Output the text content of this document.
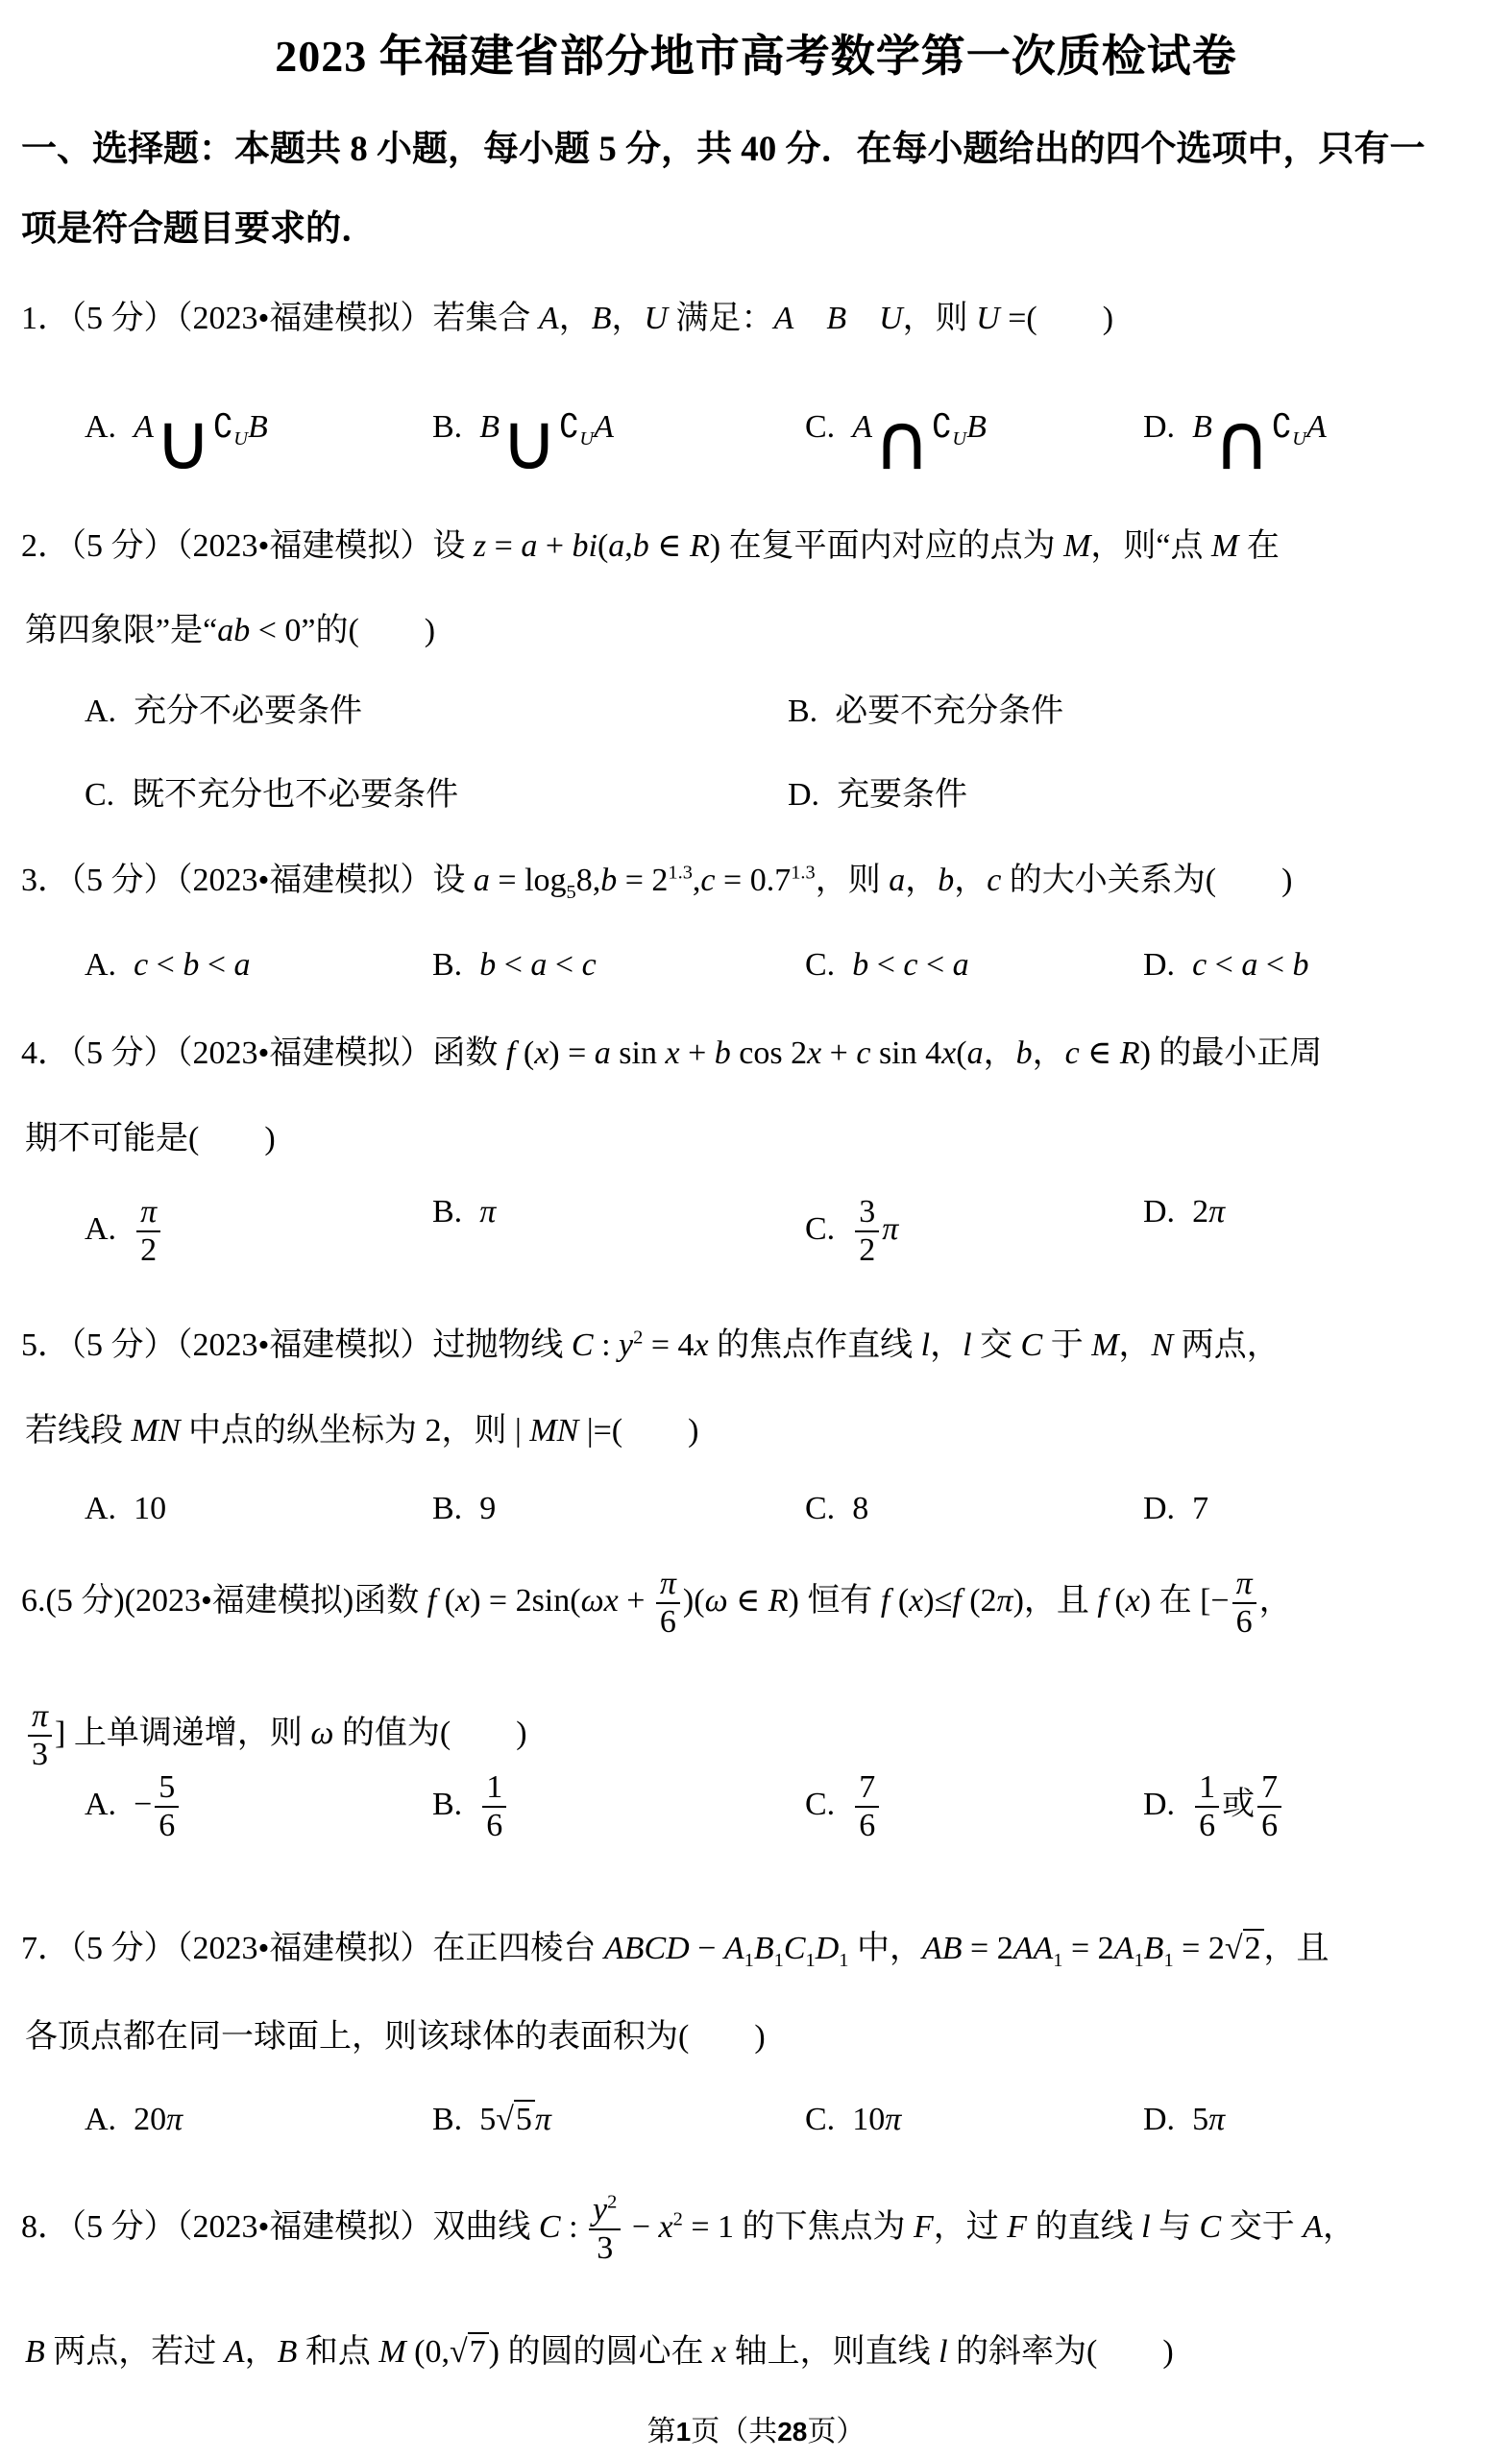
2023 年福建省部分地市高考数学第一次质检试卷
一、选择题：本题共 8 小题，每小题 5 分，共 40 分．在每小题给出的四个选项中，只有一
项是符合题目要求的．
1．（5 分）（2023•福建模拟）若集合 A，B，U 满足：A　 B　 U，则 U =(　　)
A. $A\cup∁_UB$	B. $B\cup∁_UA$	C. $A\cap∁_UB$	D. $B\cap∁_UA$
2．（5 分）（2023•福建模拟）设 z = a + bi(a,b ∈ R) 在复平面内对应的点为 M，则“点 M 在
第四象限”是“ab < 0”的(　　)
A. 充分不必要条件	B. 必要不充分条件
C. 既不充分也不必要条件	D. 充要条件
3．（5 分）（2023•福建模拟）设 $a = \log_58,b = 2^{1.3},c = 0.7^{1.3}$，则 a，b，c 的大小关系为(　　)
A. c < b < a	B. b < a < c	C. b < c < a	D. c < a < b
4．（5 分）（2023•福建模拟）函数 f (x) = a sin x + b cos 2x + c sin 4x(a，b，c ∈ R) 的最小正周
期不可能是(　　)
A. $\frac{\pi}{2}$	B. π	C. $\frac{3}{2}$ π	D. 2π
5．（5 分）（2023•福建模拟）过抛物线 C : $y^2 = 4x$ 的焦点作直线 l，l 交 C 于 M，N 两点，
若线段 MN 中点的纵坐标为 2，则 | MN |=(　　)
A. 10	B. 9	C. 8	D. 7
6.(5 分)(2023•福建模拟)函数 f $(x) = 2\sin(\omega x + \frac{\pi}{6} )(\omega$ ∈ R) 恒有 f (x)≤f (2π)，且 f (x) 在 [− $\frac{\pi}{6}$ ，
$\frac{\pi}{3}$ ] 上单调递增，则 ω 的值为(　　)
A. − $\frac{5}{6}$	B. $\frac{1}{6}$	C. $\frac{7}{6}$	D. $\frac{1}{6}$ 或 $\frac{7}{6}$
7．（5 分）（2023•福建模拟）在正四棱台 ABCD − $A_1B_1C_1D_1$ 中，AB = $2AA_1 = 2A_1B_1 = 2√2$，且
各顶点都在同一球面上，则该球体的表面积为(　　)
A. 20π	B. 5√5π	C. 10π	D. 5π
8．（5 分）（2023•福建模拟）双曲线 C : $\frac{y^2}{3} - x^2 = 1$ 的下焦点为 F，过 F 的直线 l 与 C 交于 A，
B 两点，若过 A，B 和点 M (0,√7) 的圆的圆心在 x 轴上，则直线 l 的斜率为(　　)
第1页（共28页）
